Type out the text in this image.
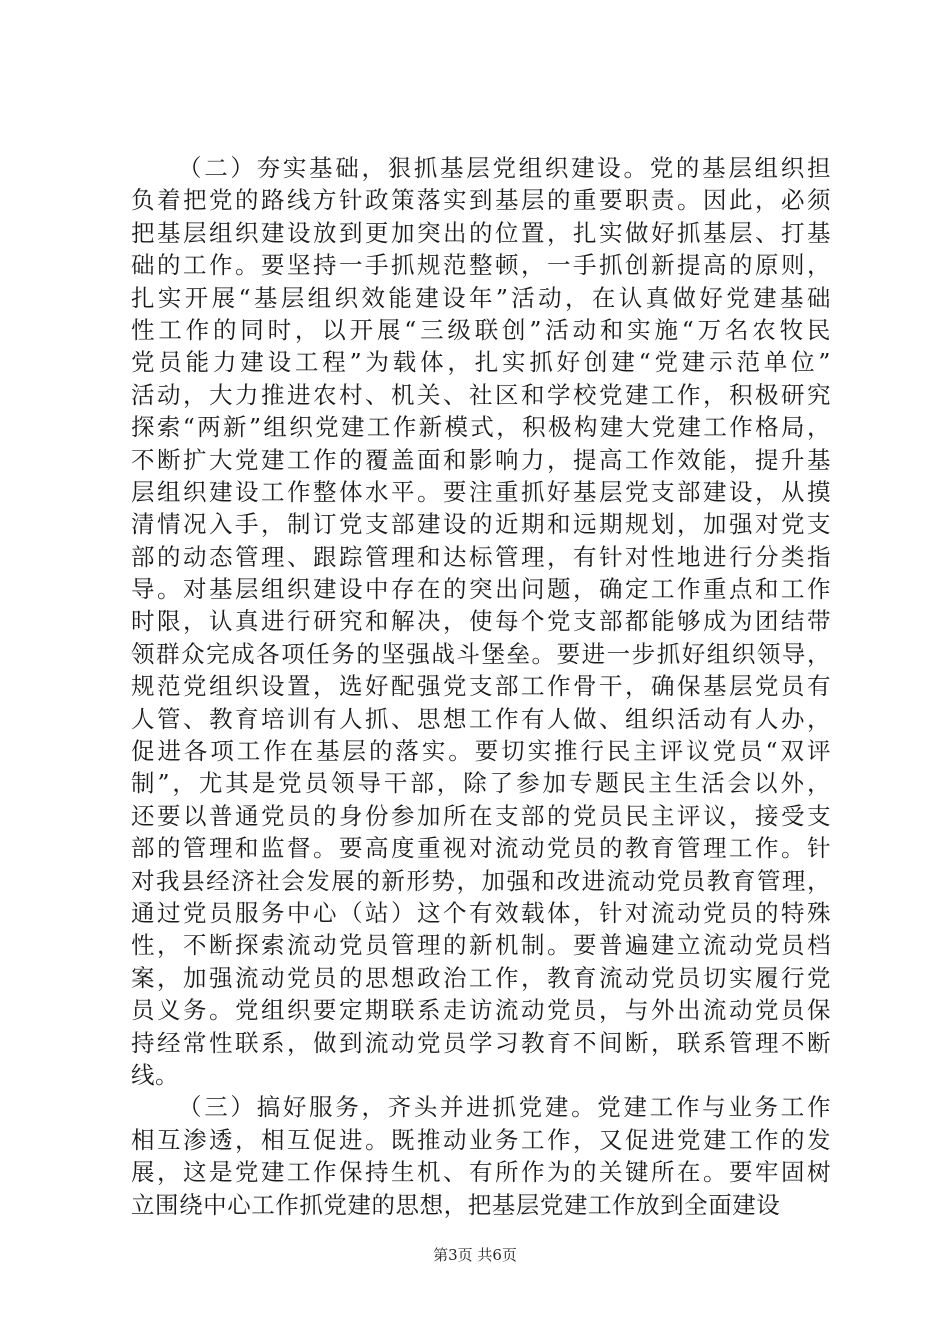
（二）夯实基础，狠抓基层党组织建设。党的基层组织担
负着把党的路线方针政策落实到基层的重要职责。因此，必须
把基层组织建设放到更加突出的位置，扎实做好抓基层、打基
础的工作。要坚持一手抓规范整顿，一手抓创新提高的原则，
扎实开展“基层组织效能建设年”活动，在认真做好党建基础
性工作的同时，以开展“三级联创”活动和实施“万名农牧民
党员能力建设工程”为载体，扎实抓好创建“党建示范单位”
活动，大力推进农村、机关、社区和学校党建工作，积极研究
探索“两新”组织党建工作新模式，积极构建大党建工作格局，
不断扩大党建工作的覆盖面和影响力，提高工作效能，提升基
层组织建设工作整体水平。要注重抓好基层党支部建设，从摸
清情况入手，制订党支部建设的近期和远期规划，加强对党支
部的动态管理、跟踪管理和达标管理，有针对性地进行分类指
导。对基层组织建设中存在的突出问题，确定工作重点和工作
时限，认真进行研究和解决，使每个党支部都能够成为团结带
领群众完成各项任务的坚强战斗堡垒。要进一步抓好组织领导，
规范党组织设置，选好配强党支部工作骨干，确保基层党员有
人管、教育培训有人抓、思想工作有人做、组织活动有人办，
促进各项工作在基层的落实。要切实推行民主评议党员“双评
制”，尤其是党员领导干部，除了参加专题民主生活会以外，
还要以普通党员的身份参加所在支部的党员民主评议，接受支
部的管理和监督。要高度重视对流动党员的教育管理工作。针
对我县经济社会发展的新形势，加强和改进流动党员教育管理，
通过党员服务中心（站）这个有效载体，针对流动党员的特殊
性，不断探索流动党员管理的新机制。要普遍建立流动党员档
案，加强流动党员的思想政治工作，教育流动党员切实履行党
员义务。党组织要定期联系走访流动党员，与外出流动党员保
持经常性联系，做到流动党员学习教育不间断，联系管理不断
线。
（三）搞好服务，齐头并进抓党建。党建工作与业务工作
相互渗透，相互促进。既推动业务工作，又促进党建工作的发
展，这是党建工作保持生机、有所作为的关键所在。要牢固树
立围绕中心工作抓党建的思想，把基层党建工作放到全面建设
第3页 共6页
